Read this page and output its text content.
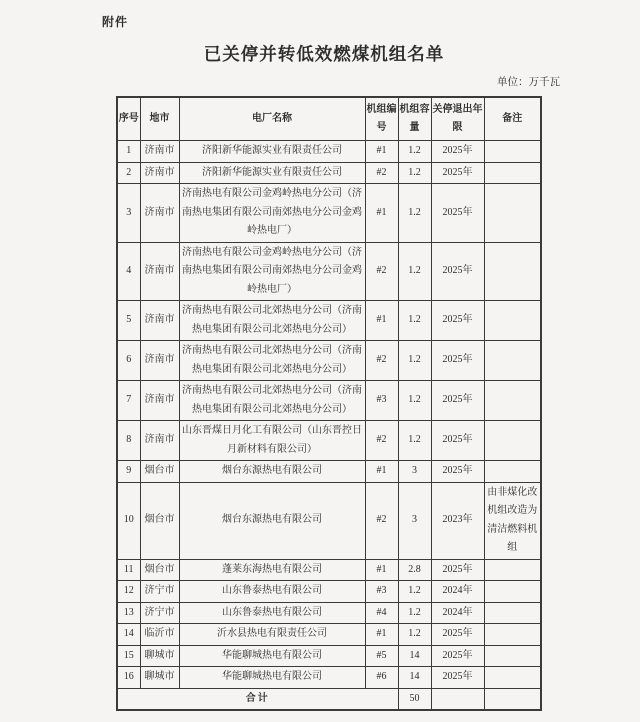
附件
已关停并转低效燃煤机组名单
单位：万千瓦
序号	地市	电厂名称	机组编号	机组容量	关停退出年限	备注
1	济南市	济阳新华能源实业有限责任公司	#1	1.2	2025年	
2	济南市	济阳新华能源实业有限责任公司	#2	1.2	2025年	
3	济南市	济南热电有限公司金鸡岭热电分公司（济南热电集团有限公司南郊热电分公司金鸡岭热电厂）	#1	1.2	2025年	
4	济南市	济南热电有限公司金鸡岭热电分公司（济南热电集团有限公司南郊热电分公司金鸡岭热电厂）	#2	1.2	2025年	
5	济南市	济南热电有限公司北郊热电分公司（济南热电集团有限公司北郊热电分公司）	#1	1.2	2025年	
6	济南市	济南热电有限公司北郊热电分公司（济南热电集团有限公司北郊热电分公司）	#2	1.2	2025年	
7	济南市	济南热电有限公司北郊热电分公司（济南热电集团有限公司北郊热电分公司）	#3	1.2	2025年	
8	济南市	山东晋煤日月化工有限公司（山东晋控日月新材料有限公司）	#2	1.2	2025年	
9	烟台市	烟台东源热电有限公司	#1	3	2025年	
10	烟台市	烟台东源热电有限公司	#2	3	2023年	由非煤化改机组改造为清洁燃料机组
11	烟台市	蓬莱东海热电有限公司	#1	2.8	2025年	
12	济宁市	山东鲁泰热电有限公司	#3	1.2	2024年	
13	济宁市	山东鲁泰热电有限公司	#4	1.2	2024年	
14	临沂市	沂水县热电有限责任公司	#1	1.2	2025年	
15	聊城市	华能聊城热电有限公司	#5	14	2025年	
16	聊城市	华能聊城热电有限公司	#6	14	2025年	
合计				50		
